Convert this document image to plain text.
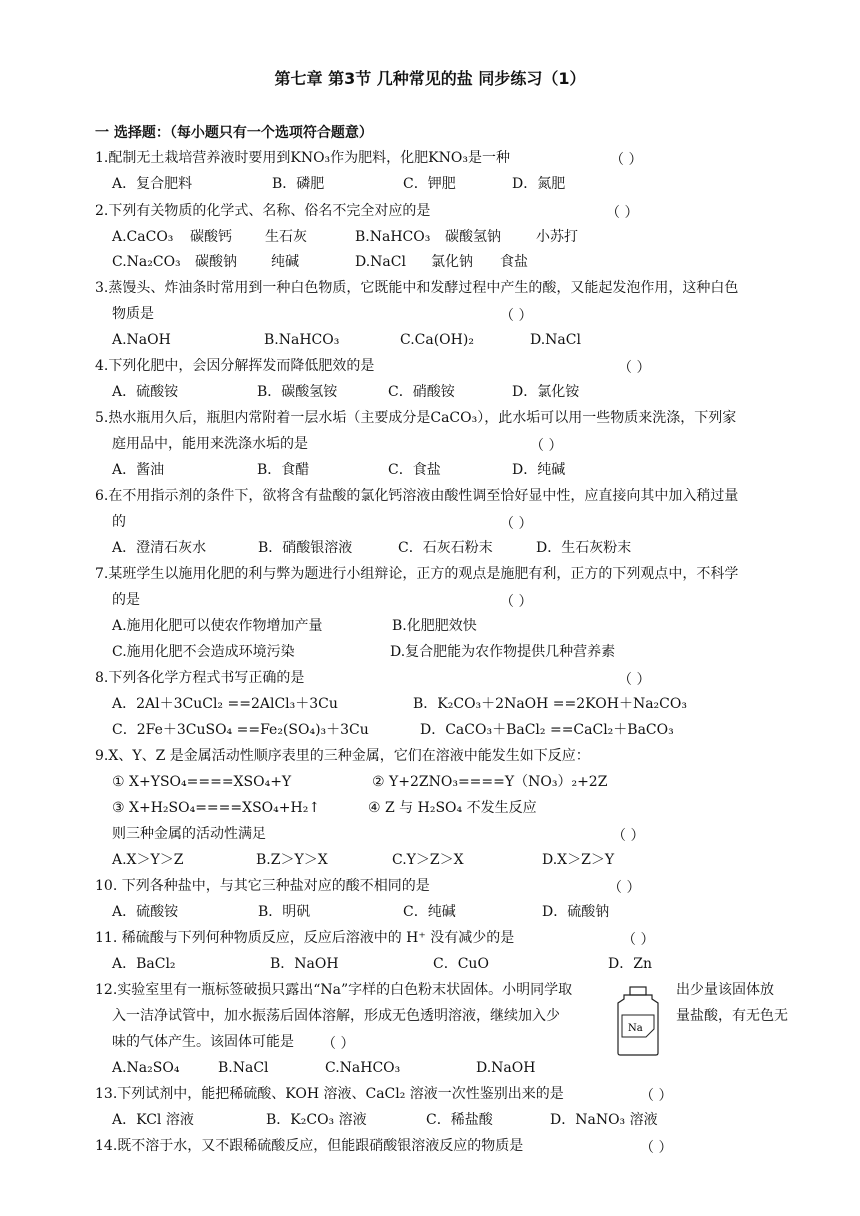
第七章 第3节 几种常见的盐 同步练习（1）
一 选择题：（每小题只有一个选项符合题意）
1.配制无土栽培营养液时要用到KNO₃作为肥料，化肥KNO₃是一种	（ ）
A．复合肥料	B．磷肥	C．钾肥	D．氮肥
2.下列有关物质的化学式、名称、俗名不完全对应的是	（ ）
A.CaCO₃ 碳酸钙 生石灰	B.NaHCO₃ 碳酸氢钠	小苏打
C.Na₂CO₃ 碳酸钠 纯碱	D.NaCl 氯化钠 食盐
3.蒸馒头、炸油条时常用到一种白色物质，它既能中和发酵过程中产生的酸，又能起发泡作用，这种白色
物质是	（ ）
A.NaOH	B.NaHCO₃	C.Ca(OH)₂	D.NaCl
4.下列化肥中，会因分解挥发而降低肥效的是	（ ）
A．硫酸铵	B．碳酸氢铵	C．硝酸铵	D．氯化铵
5.热水瓶用久后，瓶胆内常附着一层水垢（主要成分是CaCO₃），此水垢可以用一些物质来洗涤，下列家
庭用品中，能用来洗涤水垢的是	（ ）
A．酱油	B．食醋	C．食盐	D．纯碱
6.在不用指示剂的条件下，欲将含有盐酸的氯化钙溶液由酸性调至恰好显中性，应直接向其中加入稍过量
的	（ ）
A．澄清石灰水	B．硝酸银溶液	C．石灰石粉末	D．生石灰粉末
7.某班学生以施用化肥的利与弊为题进行小组辩论，正方的观点是施肥有利，正方的下列观点中，不科学
的是	（ ）
A.施用化肥可以使农作物增加产量	B.化肥肥效快
C.施用化肥不会造成环境污染	D.复合肥能为农作物提供几种营养素
8.下列各化学方程式书写正确的是	（ ）
A．2Al＋3CuCl₂ ==2AlCl₃＋3Cu	B．K₂CO₃＋2NaOH ==2KOH＋Na₂CO₃
C．2Fe＋3CuSO₄ ==Fe₂(SO₄)₃＋3Cu	D．CaCO₃＋BaCl₂ ==CaCl₂＋BaCO₃
9.X、Y、Z 是金属活动性顺序表里的三种金属，它们在溶液中能发生如下反应：
① X+YSO₄====XSO₄+Y	② Y+2ZNO₃====Y（NO₃）₂+2Z
③ X+H₂SO₄====XSO₄+H₂↑	④ Z 与 H₂SO₄ 不发生反应
则三种金属的活动性满足	（ ）
A.X＞Y＞Z	B.Z＞Y＞X	C.Y＞Z＞X	D.X＞Z＞Y
10. 下列各种盐中，与其它三种盐对应的酸不相同的是	（ ）
A．硫酸铵	B．明矾	C．纯碱	D．硫酸钠
11. 稀硫酸与下列何种物质反应，反应后溶液中的 H⁺ 没有减少的是	（ ）
A．BaCl₂	B．NaOH	C．CuO	D．Zn
12.实验室里有一瓶标签破损只露出“Na”字样的白色粉末状固体。小明同学取	出少量该固体放
入一洁净试管中，加水振荡后固体溶解，形成无色透明溶液，继续加入少	量盐酸，有无色无
味的气体产生。该固体可能是 （ ）
Na
A.Na₂SO₄	B.NaCl	C.NaHCO₃	D.NaOH
13.下列试剂中，能把稀硫酸、KOH 溶液、CaCl₂ 溶液一次性鉴别出来的是	（ ）
A．KCl 溶液	B．K₂CO₃ 溶液	C．稀盐酸	D．NaNO₃ 溶液
14.既不溶于水，又不跟稀硫酸反应，但能跟硝酸银溶液反应的物质是	（ ）
